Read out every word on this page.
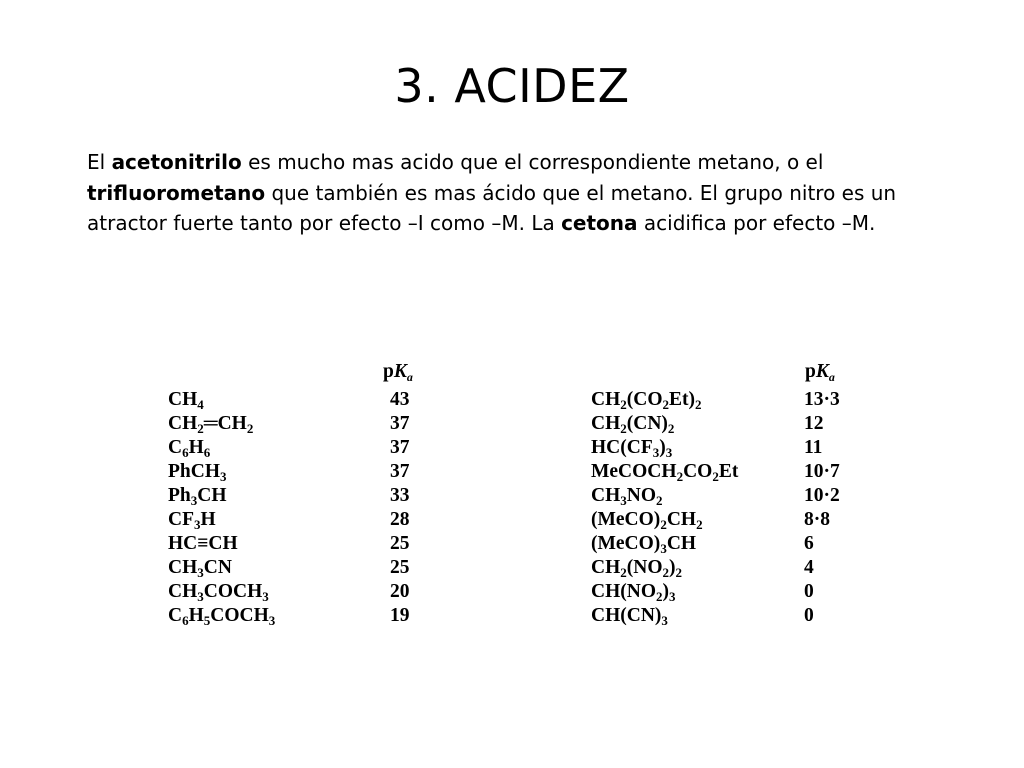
3. ACIDEZ

El acetonitrilo es mucho mas acido que el correspondiente metano, o el trifluorometano que también es mas ácido que el metano. El grupo nitro es un atractor fuerte tanto por efecto –I como –M. La cetona acidifica por efecto –M.

$pK_a$
$CH_4$	43
$CH_2═CH_2$	37
$C_6H_6$	37
PhCH$_3$	37
$Ph_3CH$	33
$CF_3H$	28
HC≡CH	25
$CH_3CN$	25
$CH_3COCH_3$	20
$C_6H_5COCH_3$	19
$pK_a$
$CH_2(CO_2Et)_2$	13·3
$CH_2(CN)_2$	12
$HC(CF_3)_3$	11
$MeCOCH_2CO_2Et$	10·7
$CH_3NO_2$	10·2
$(MeCO)_2CH_2$	8·8
$(MeCO)_3CH$	6
$CH_2(NO_2)_2$	4
$CH(NO_2)_3$	0
$CH(CN)_3$	0
